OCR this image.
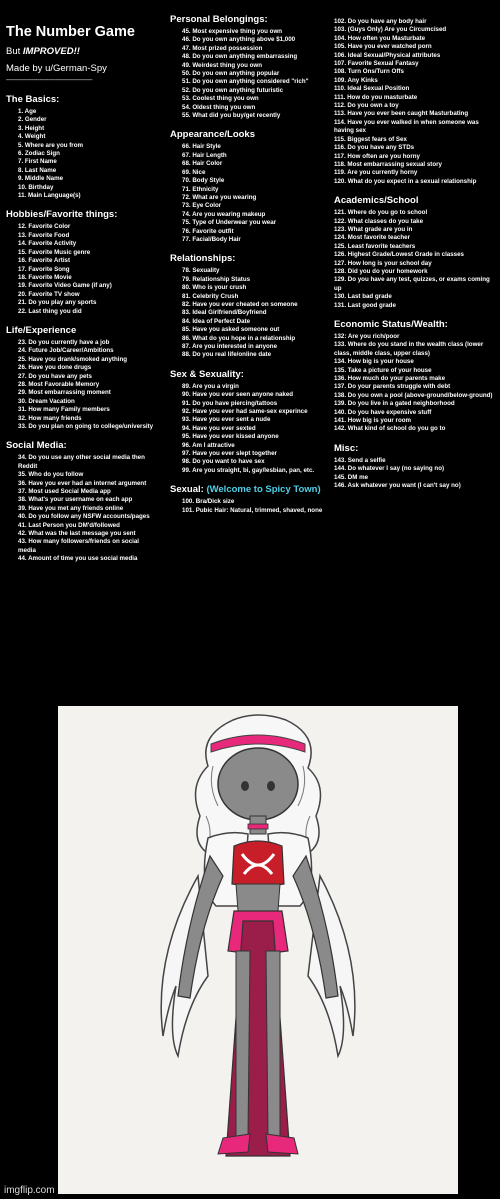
The Number Game
But IMPROVED!!
Made by u/German-Spy
-----------------------------------------------
The Basics:
1. Age
2. Gender
3. Height
4. Weight
5. Where are you from
6. Zodiac Sign
7. First Name
8. Last Name
9. Middle Name
10. Birthday
11. Main Language(s)
Hobbies/Favorite things:
12. Favorite Color
13. Favorite Food
14. Favorite Activity
15. Favorite Music genre
16. Favorite Artist
17. Favorite Song
18. Favorite Movie
19. Favorite Video Game (if any)
20. Favorite TV show
21. Do you play any sports
22. Last thing you did
Life/Experience
23. Do you currently have a job
24. Future Job/Career/Ambitions
25. Have you drank/smoked anything
26. Have you done drugs
27. Do you have any pets
28. Most Favorable Memory
29. Most embarrassing moment
30. Dream Vacation
31. How many Family members
32. How many friends
33. Do you plan on going to college/university
Social Media:
34. Do you use any other social media then Reddit
35. Who do you follow
36. Have you ever had an internet argument
37. Most used Social Media app
38. What's your username on each app
39. Have you met any friends online
40. Do you follow any NSFW accounts/pages
41. Last Person you DM'd/followed
42. What was the last message you sent
43. How many followers/friends on social media
44. Amount of time you use social media
Personal Belongings:
45. Most expensive thing you own
46. Do you own anything above $1,000
47. Most prized possession
48. Do you own anything embarrassing
49. Weirdest thing you own
50. Do you own anything popular
51. Do you own anything considered "rich"
52. Do you own anything futuristic
53. Coolest thing you own
54. Oldest thing you own
55. What did you buy/get recently
Appearance/Looks
66. Hair Style
67. Hair Length
68. Hair Color
69. Nice
70. Body Style
71. Ethnicity
72. What are you wearing
73. Eye Color
74. Are you wearing makeup
75. Type of Underwear you wear
76. Favorite outfit
77. Facial/Body Hair
Relationships:
78. Sexuality
79. Relationship Status
80. Who is your crush
81. Celebrity Crush
82. Have you ever cheated on someone
83. Ideal Girlfriend/Boyfriend
84. Idea of Perfect Date
85. Have you asked someone out
86. What do you hope in a relationship
87. Are you interested in anyone
88. Do you real life/online date
Sex & Sexuality:
89. Are you a virgin
90. Have you ever seen anyone naked
91. Do you have piercing/tattoos
92. Have you ever had same-sex experince
93. Have you ever sent a nude
94. Have you ever sexted
95. Have you ever kissed anyone
96. Am I attractive
97. Have you ever slept together
98. Do you want to have sex
99. Are you straight, bi, gay/lesbian, pan, etc.
Sexual: (Welcome to Spicy Town)
100. Bra/Dick size
101. Pubic Hair: Natural, trimmed, shaved, none
102. Do you have any body hair
103. (Guys Only) Are you Circumcised
104. How often you Masturbate
105. Have you ever watched porn
106. Ideal Sexual/Physical attributes
107. Favorite Sexual Fantasy
108. Turn Ons/Turn Offs
109. Any Kinks
110. Ideal Sexual Position
111. How do you masturbate
112. Do you own a toy
113. Have you ever been caught Masturbating
114. Have you ever walked in when someone was having sex
115. Biggest fears of Sex
116. Do you have any STDs
117. How often are you horny
118. Most embarrassing sexual story
119. Are you currently horny
120. What do you expect in a sexual relationship
Academics/School
121. Where do you go to school
122. What classes do you take
123. What grade are you in
124. Most favorite teacher
125. Least favorite teachers
126. Highest Grade/Lowest Grade in classes
127. How long is your school day
128. Did you do your homework
129. Do you have any test, quizzes, or exams coming up
130. Last bad grade
131. Last good grade
Economic Status/Wealth:
132: Are you rich/poor
133. Where do you stand in the wealth class (lower class, middle class, upper class)
134. How big is your house
135. Take a picture of your house
136. How much do your parents make
137. Do your parents struggle with debt
138. Do you own a pool (above-ground/below-ground)
139. Do you live in a gated neighborhood
140. Do you have expensive stuff
141. How big is your room
142. What kind of school do you go to
Misc:
143. Send a selfie
144. Do whatever I say (no saying no)
145. DM me
146. Ask whatever you want (I can't say no)
imgflip.com
